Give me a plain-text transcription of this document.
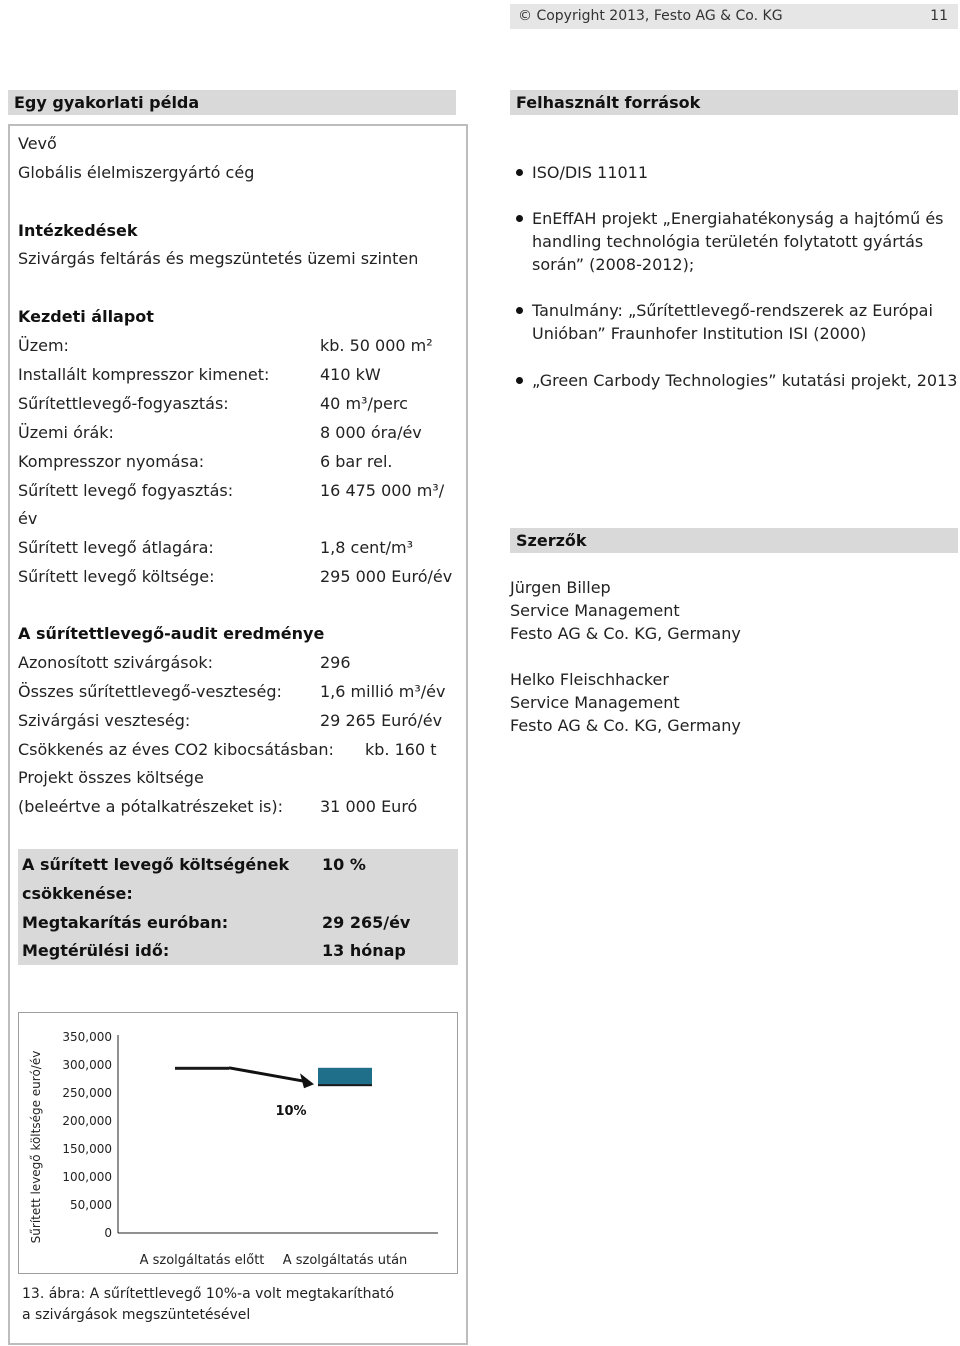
© Copyright 2013, Festo AG & Co. KG	11
Egy gyakorlati példa
Vevő
Globális élelmiszergyártó cég
Intézkedések
Szivárgás feltárás és megszüntetés üzemi szinten
Kezdeti állapot
Üzem:	kb. 50 000 m²
Installált kompresszor kimenet:	410 kW
Sűrítettlevegő-fogyasztás:	40 m³/perc
Üzemi órák:	8 000 óra/év
Kompresszor nyomása:	6 bar rel.
Sűrített levegő fogyasztás:	16 475 000 m³/
év
Sűrített levegő átlagára:	1,8 cent/m³
Sűrített levegő költsége:	295 000 Euró/év
A sűrítettlevegő-audit eredménye
Azonosított szivárgások:	296
Összes sűrítettlevegő-veszteség: 1,6 millió m³/év
Szivárgási veszteség:	29 265 Euró/év
Csökkenés az éves CO2 kibocsátásban: kb. 160 t
Projekt összes költsége
(beleértve a pótalkatrészeket is): 31 000 Euró
A sűrített levegő költségének 10 %
csökkenése:
Megtakarítás euróban:	29 265/év
Megtérülési idő:	13 hónap
Sűrített levegő költsége euró/év	0
50,000
100,000
150,000
200,000
250,000
300,000
350,000
A szolgáltatás előtt A szolgáltatás után
10%
13. ábra: A sűrítettlevegő 10%-a volt megtakarítható
a szivárgások megszüntetésével
Felhasznált források
ISO/DIS 11011
EnEffAH projekt „Energiahatékonyság a hajtómű és
handling technológia területén folytatott gyártás
során” (2008-2012);
Tanulmány: „Sűrítettlevegő-rendszerek az Európai
Unióban” Fraunhofer Institution ISI (2000)
„Green Carbody Technologies” kutatási projekt, 2013
Szerzők
Jürgen Billep
Service Management
Festo AG & Co. KG, Germany
Helko Fleischhacker
Service Management
Festo AG & Co. KG, Germany
